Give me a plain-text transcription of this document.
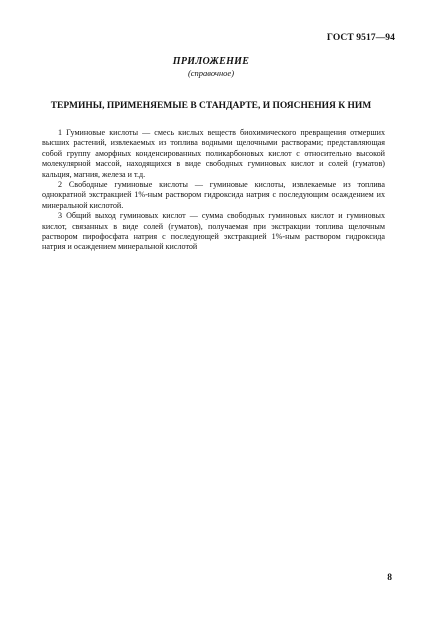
ГОСТ 9517—94
ПРИЛОЖЕНИЕ
(справочное)
ТЕРМИНЫ, ПРИМЕНЯЕМЫЕ В СТАНДАРТЕ, И ПОЯСНЕНИЯ К НИМ

1 Гуминовые кислоты — смесь кислых веществ биохимического превращения отмерших высших растений, извлекаемых из топлива водными щелочными растворами; представляющая собой группу аморфных конденсированных поликарбоновых кислот с относительно высокой молекулярной массой, находящихся в виде свободных гуминовых кислот и солей (гуматов) кальция, магния, железа и т.д.

2 Свободные гуминовые кислоты — гуминовые кислоты, извлекаемые из топлива однократной экстракцией 1%-ным раствором гидроксида натрия с последующим осаждением их минеральной кислотой.

3 Общий выход гуминовых кислот — сумма свободных гуминовых кислот и гуминовых кислот, связанных в виде солей (гуматов), получаемая при экстракции топлива щелочным раствором пирофосфата натрия с последующей экстракцией 1%-ным раствором гидроксида натрия и осаждением минеральной кислотой

8
